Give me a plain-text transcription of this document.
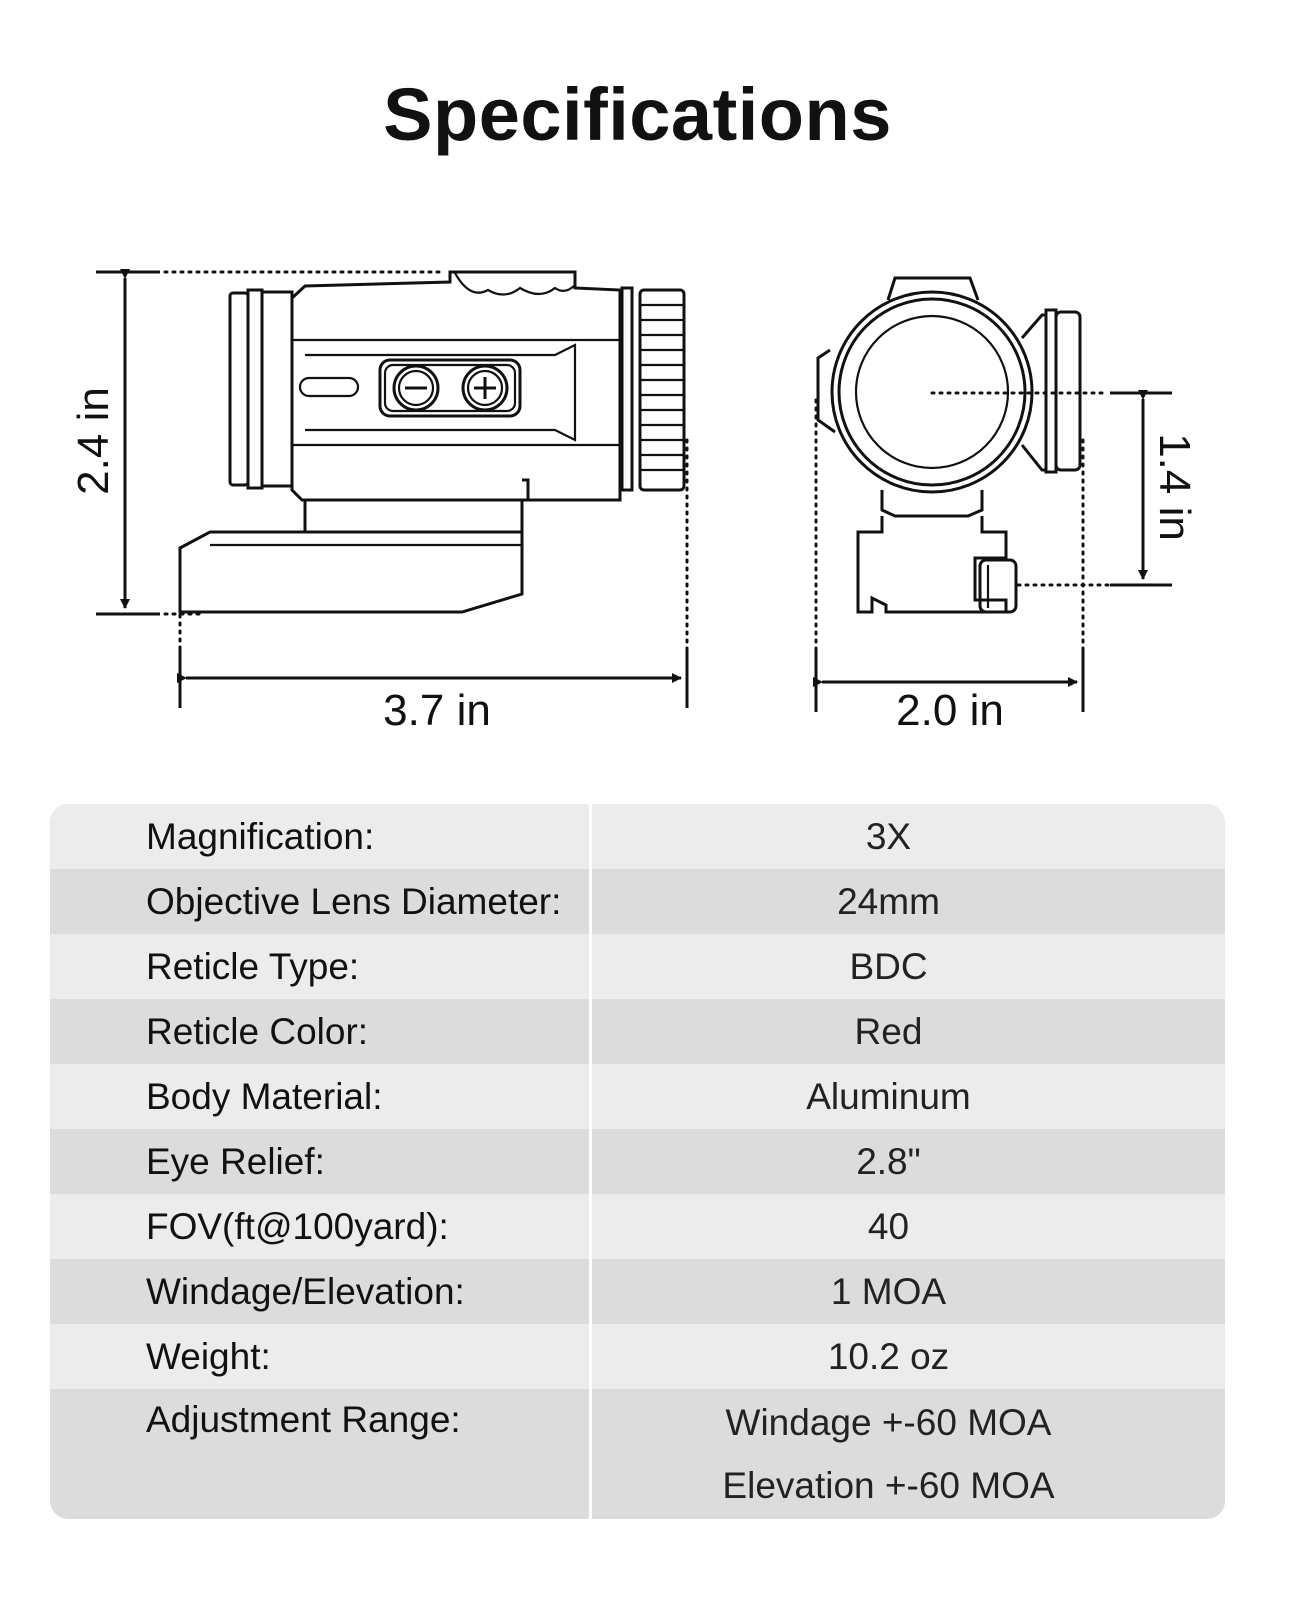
Specifications
2.4 in
3.7 in	2.0 in
1.4 in
Magnification:	3X
Objective Lens Diameter:	24mm
Reticle Type:	BDC
Reticle Color:	Red
Body Material:	Aluminum
Eye Relief:	2.8"
FOV(ft@100yard):	40
Windage/Elevation:	1 MOA
Weight:	10.2 oz
Adjustment Range:	Windage +-60 MOA
Elevation +-60 MOA
